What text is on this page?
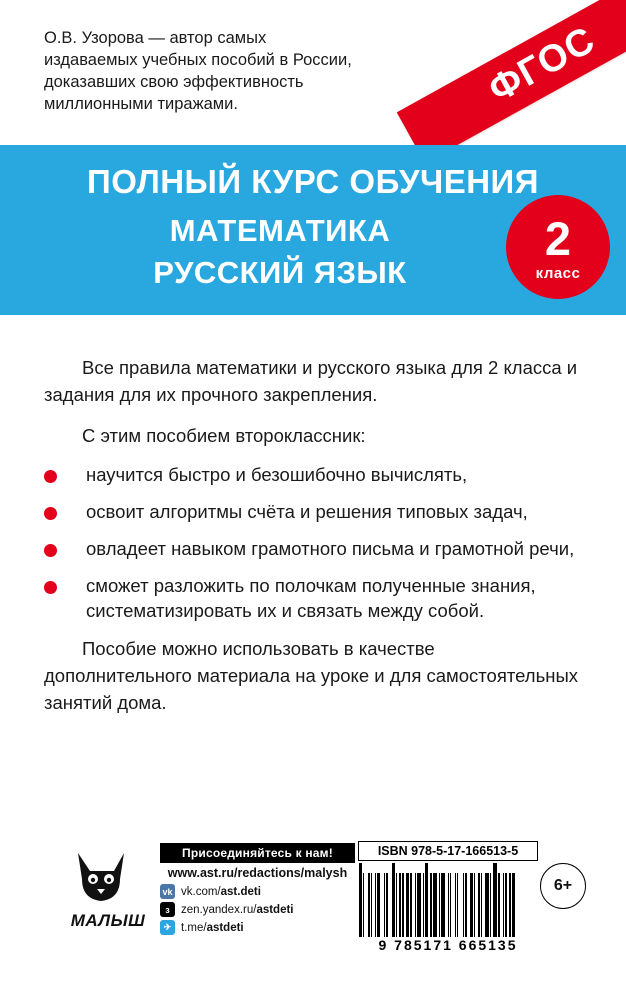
О.В. Узорова — автор самых
издаваемых учебных пособий в России,
доказавших свою эффективность
миллионными тиражами.	ФГОС
ПОЛНЫЙ КУРС ОБУЧЕНИЯ
МАТЕМАТИКА
РУССКИЙ ЯЗЫК
2
класс
Все правила математики и русского языка для 2 класса и задания для их прочного закрепления.
С этим пособием второклассник:
научится быстро и безошибочно вычислять,
освоит алгоритмы счёта и решения типовых задач,
овладеет навыком грамотного письма и грамотной речи,
сможет разложить по полочкам полученные знания, систематизировать их и связать между собой.
Пособие можно использовать в качестве дополнительного материала на уроке и для самостоятельных занятий дома.
МАЛЫШ
Присоединяйтесь к нам!
www.ast.ru/redactions/malysh
vk vk.com/ ast.deti
з zen.yandex.ru/ astdeti
✈ t.me/ astdeti
ISBN 978-5-17-166513-5
9 785171 665135
6+
